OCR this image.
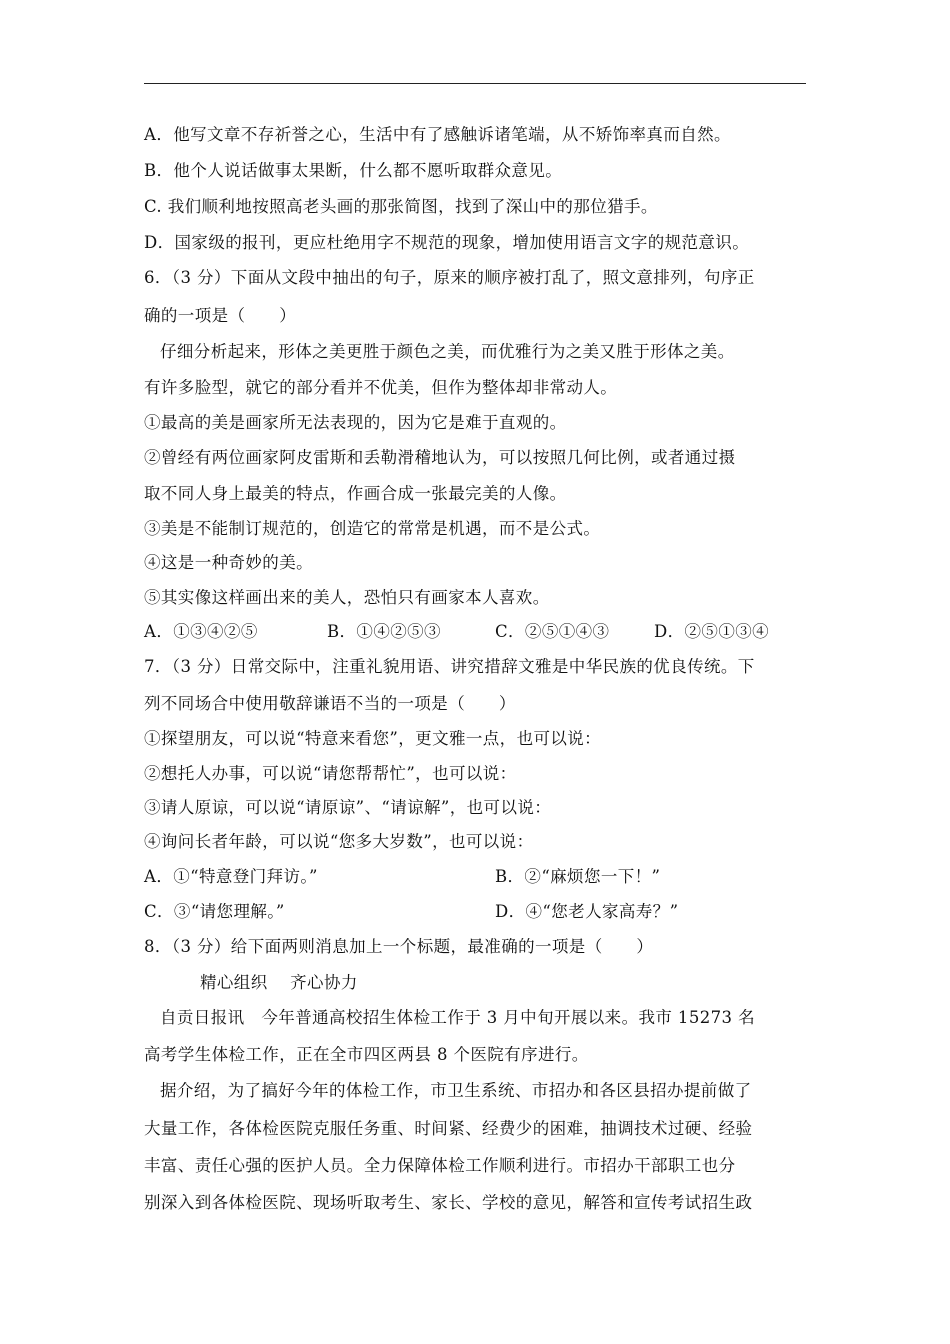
A．他写文章不存祈誉之心，生活中有了感触诉诸笔端，从不矫饰率真而自然。
B．他个人说话做事太果断，什么都不愿听取群众意见。
C. 我们顺利地按照高老头画的那张简图，找到了深山中的那位猎手。
D．国家级的报刊，更应杜绝用字不规范的现象，增加使用语言文字的规范意识。
6．（3 分）下面从文段中抽出的句子，原来的顺序被打乱了，照文意排列，句序正
确的一项是（　　）
仔细分析起来，形体之美更胜于颜色之美，而优雅行为之美又胜于形体之美。
有许多脸型，就它的部分看并不优美，但作为整体却非常动人。
①最高的美是画家所无法表现的，因为它是难于直观的。
②曾经有两位画家阿皮雷斯和丢勒滑稽地认为，可以按照几何比例，或者通过摄
取不同人身上最美的特点，作画合成一张最完美的人像。
③美是不能制订规范的，创造它的常常是机遇，而不是公式。
④这是一种奇妙的美。
⑤其实像这样画出来的美人，恐怕只有画家本人喜欢。
A．①③④②⑤	B．①④②⑤③	C．②⑤①④③	D．②⑤①③④
7．（3 分）日常交际中，注重礼貌用语、讲究措辞文雅是中华民族的优良传统。下
列不同场合中使用敬辞谦语不当的一项是（　　）
①探望朋友，可以说“特意来看您”，更文雅一点，也可以说：
②想托人办事，可以说“请您帮帮忙”，也可以说：
③请人原谅，可以说“请原谅”、“请谅解”，也可以说：
④询问长者年龄，可以说“您多大岁数”，也可以说：
A．①“特意登门拜访。”	B．②“麻烦您一下！”
C．③“请您理解。”	D．④“您老人家高寿？”
8．（3 分）给下面两则消息加上一个标题，最准确的一项是（　　）
精心组织　 齐心协力
自贡日报讯　今年普通高校招生体检工作于 3 月中旬开展以来。我市 15273 名
高考学生体检工作，正在全市四区两县 8 个医院有序进行。
据介绍，为了搞好今年的体检工作，市卫生系统、市招办和各区县招办提前做了
大量工作，各体检医院克服任务重、时间紧、经费少的困难，抽调技术过硬、经验
丰富、责任心强的医护人员。全力保障体检工作顺利进行。市招办干部职工也分
别深入到各体检医院、现场听取考生、家长、学校的意见，解答和宣传考试招生政
